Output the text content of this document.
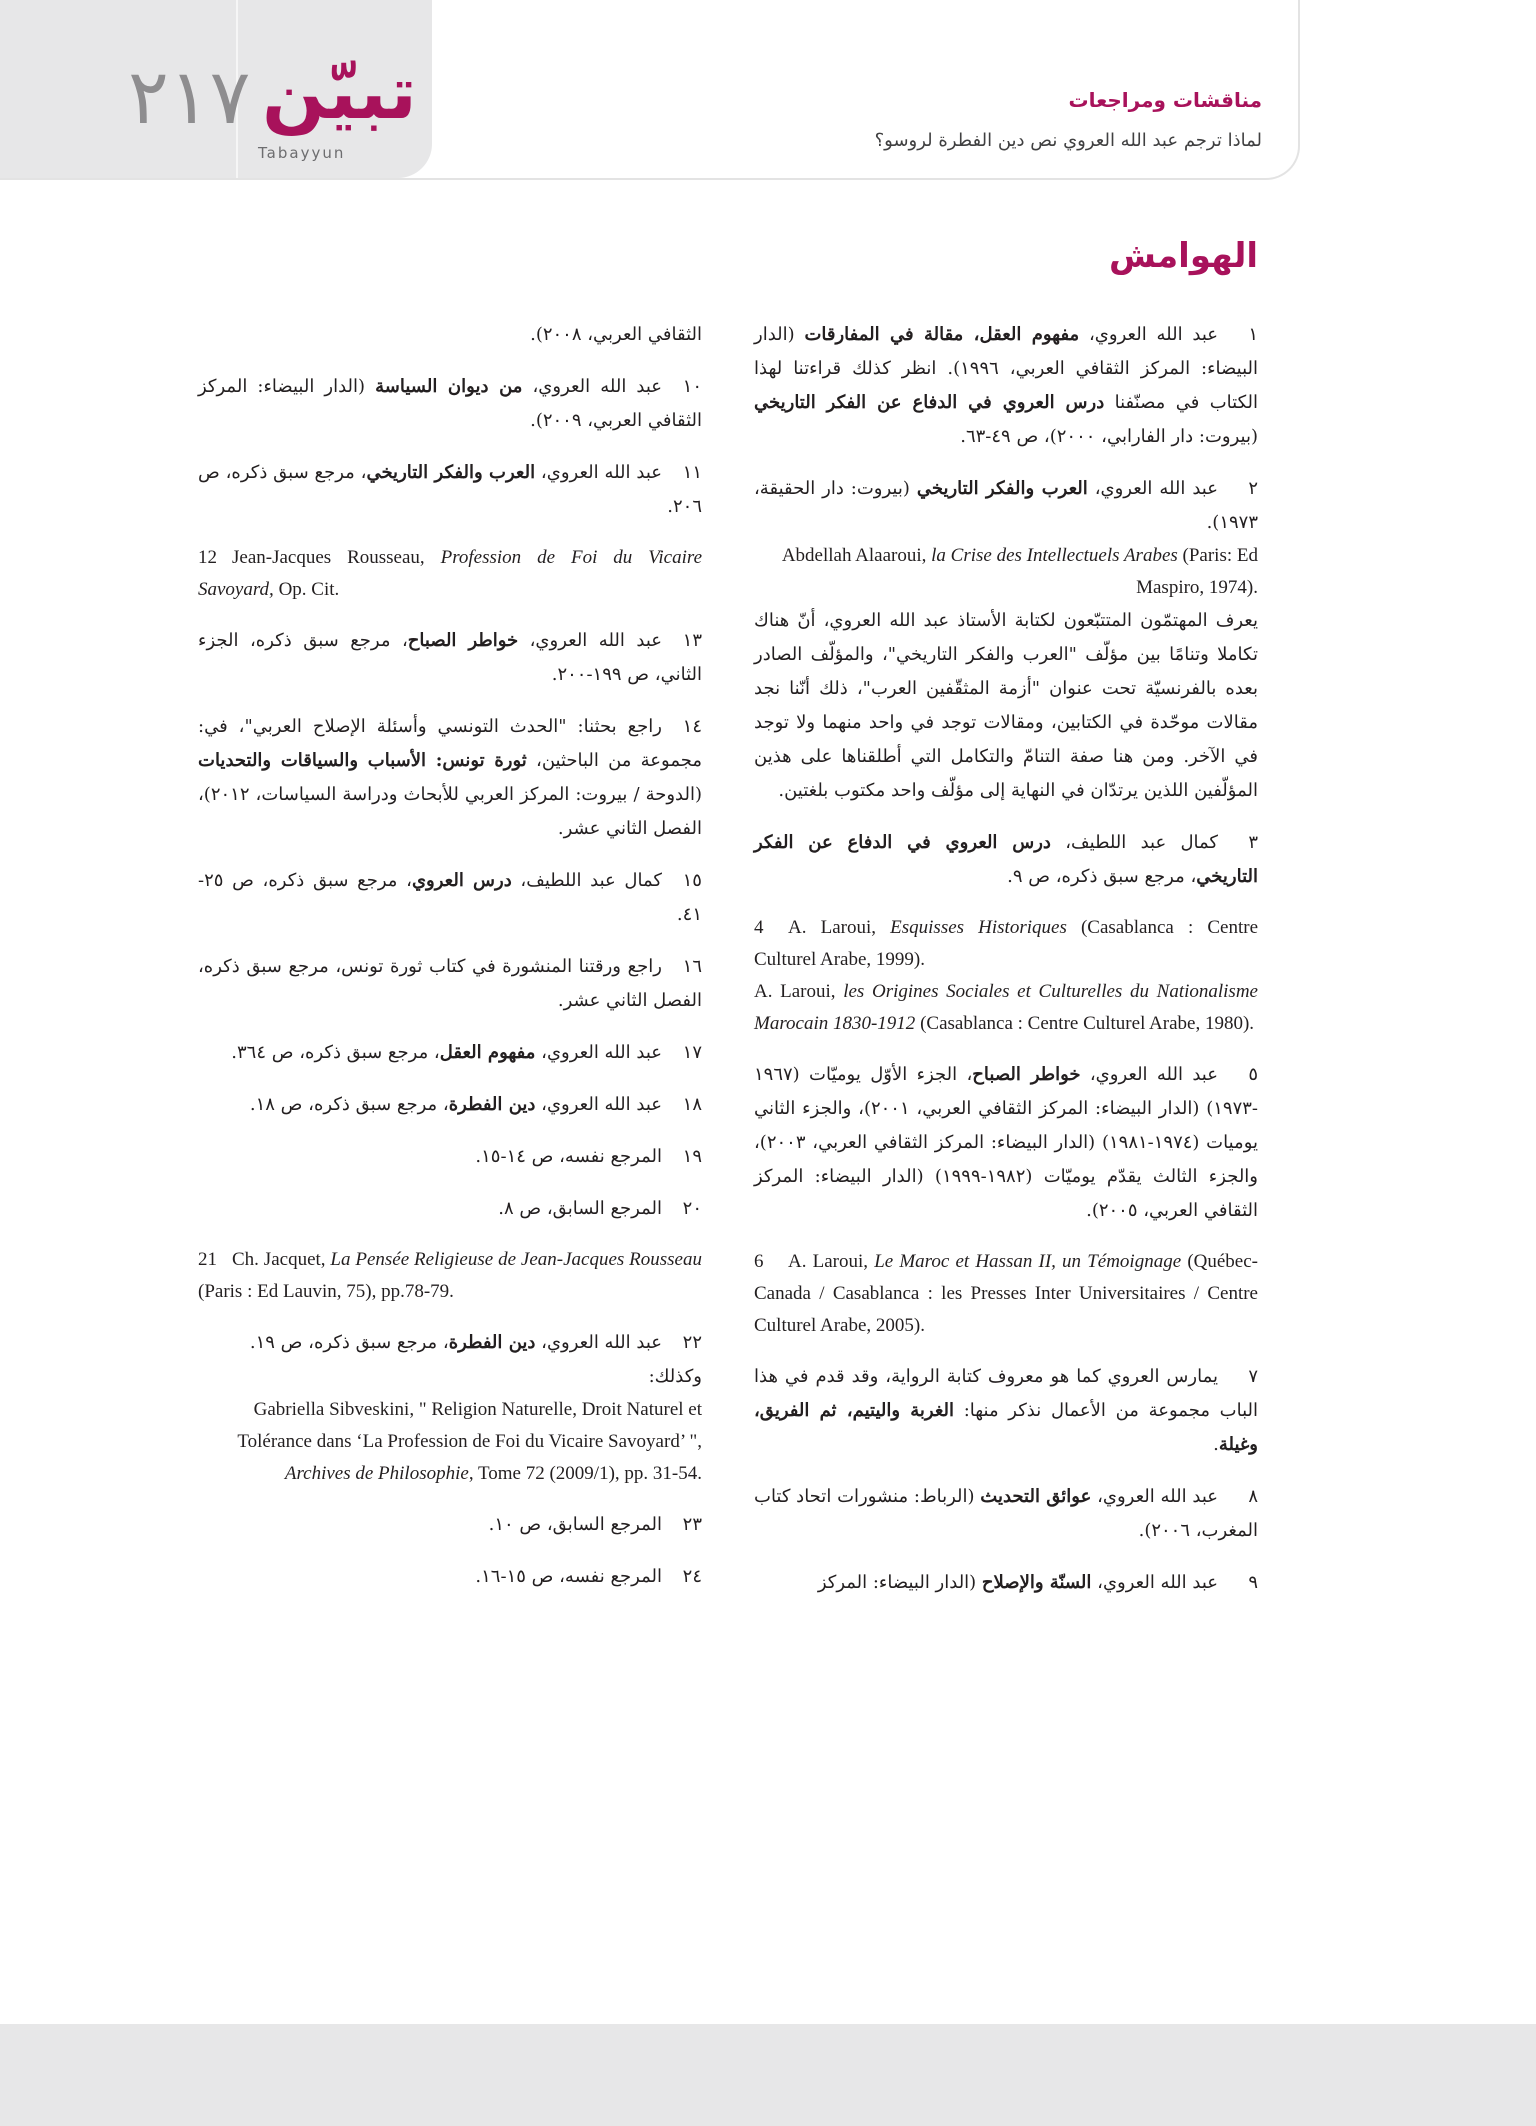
٢١٧ تبيّن
Tabayyun
مناقشات ومراجعات
لماذا ترجم عبد الله العروي نص دين الفطرة لروسو؟
الهوامش

١عبد الله العروي، مفهوم العقل، مقالة في المفارقات (الدار البيضاء: المركز الثقافي العربي، ١٩٩٦). انظر كذلك قراءتنا لهذا الكتاب في مصنّفنا درس العروي في الدفاع عن الفكر التاريخي (بيروت: دار الفارابي، ٢٠٠٠)، ص ٤٩-٦٣.

٢عبد الله العروي، العرب والفكر التاريخي (بيروت: دار الحقيقة، ١٩٧٣).
Abdellah Alaaroui, la Crise des Intellectuels Arabes (Paris: Ed Maspiro, 1974).
يعرف المهتمّون المتتبّعون لكتابة الأستاذ عبد الله العروي، أنّ هناك تكاملا وتنامًا بين مؤلّف "العرب والفكر التاريخي"، والمؤلّف الصادر بعده بالفرنسيّة تحت عنوان "أزمة المثقّفين العرب"، ذلك أنّنا نجد مقالات موحّدة في الكتابين، ومقالات توجد في واحد منهما ولا توجد في الآخر. ومن هنا صفة التنامّ والتكامل التي أطلقناها على هذين المؤلّفين اللذين يرتدّان في النهاية إلى مؤلّف واحد مكتوب بلغتين.

٣كمال عبد اللطيف، درس العروي في الدفاع عن الفكر التاريخي، مرجع سبق ذكره، ص ٩.

4 A. Laroui, Esquisses Historiques (Casablanca : Centre Culturel Arabe, 1999).
A. Laroui, les Origines Sociales et Culturelles du Nationalisme Marocain 1830-1912 (Casablanca : Centre Culturel Arabe, 1980).

٥عبد الله العروي، خواطر الصباح، الجزء الأوّل يوميّات (١٩٦٧ -١٩٧٣) (الدار البيضاء: المركز الثقافي العربي، ٢٠٠١)، والجزء الثاني يوميات (١٩٧٤-١٩٨١) (الدار البيضاء: المركز الثقافي العربي، ٢٠٠٣)، والجزء الثالث يقدّم يوميّات (١٩٨٢-١٩٩٩) (الدار البيضاء: المركز الثقافي العربي، ٢٠٠٥).

6 A. Laroui, Le Maroc et Hassan II, un Témoignage (Québec-Canada / Casablanca : les Presses Inter Universitaires / Centre Culturel Arabe, 2005).

٧يمارس العروي كما هو معروف كتابة الرواية، وقد قدم في هذا الباب مجموعة من الأعمال نذكر منها: الغربة واليتيم، ثم الفريق، وغيلة.

٨عبد الله العروي، عوائق التحديث (الرباط: منشورات اتحاد كتاب المغرب، ٢٠٠٦).

٩عبد الله العروي، السنّة والإصلاح (الدار البيضاء: المركز

الثقافي العربي، ٢٠٠٨).

١٠عبد الله العروي، من ديوان السياسة (الدار البيضاء: المركز الثقافي العربي، ٢٠٠٩).

١١عبد الله العروي، العرب والفكر التاريخي، مرجع سبق ذكره، ص ٢٠٦.

12 Jean-Jacques Rousseau, Profession de Foi du Vicaire Savoyard, Op. Cit.

١٣عبد الله العروي، خواطر الصباح، مرجع سبق ذكره، الجزء الثاني، ص ١٩٩-٢٠٠.

١٤راجع بحثنا: "الحدث التونسي وأسئلة الإصلاح العربي"، في: مجموعة من الباحثين، ثورة تونس: الأسباب والسياقات والتحديات (الدوحة / بيروت: المركز العربي للأبحاث ودراسة السياسات، ٢٠١٢)، الفصل الثاني عشر.

١٥كمال عبد اللطيف، درس العروي، مرجع سبق ذكره، ص ٢٥- ٤١.

١٦راجع ورقتنا المنشورة في كتاب ثورة تونس، مرجع سبق ذكره، الفصل الثاني عشر.

١٧عبد الله العروي، مفهوم العقل، مرجع سبق ذكره، ص ٣٦٤.

١٨عبد الله العروي، دين الفطرة، مرجع سبق ذكره، ص ١٨.

١٩المرجع نفسه، ص ١٤-١٥.

٢٠المرجع السابق، ص ٨.

21 Ch. Jacquet, La Pensée Religieuse de Jean-Jacques Rousseau (Paris : Ed Lauvin, 75), pp.78-79.

٢٢عبد الله العروي، دين الفطرة، مرجع سبق ذكره، ص ١٩.
وكذلك:
Gabriella Sibveskini, " Religion Naturelle, Droit Naturel et Tolérance dans ‘La Profession de Foi du Vicaire Savoyard’ ", Archives de Philosophie, Tome 72 (2009/1), pp. 31-54.

٢٣المرجع السابق، ص ١٠.

٢٤المرجع نفسه، ص ١٥-١٦.
